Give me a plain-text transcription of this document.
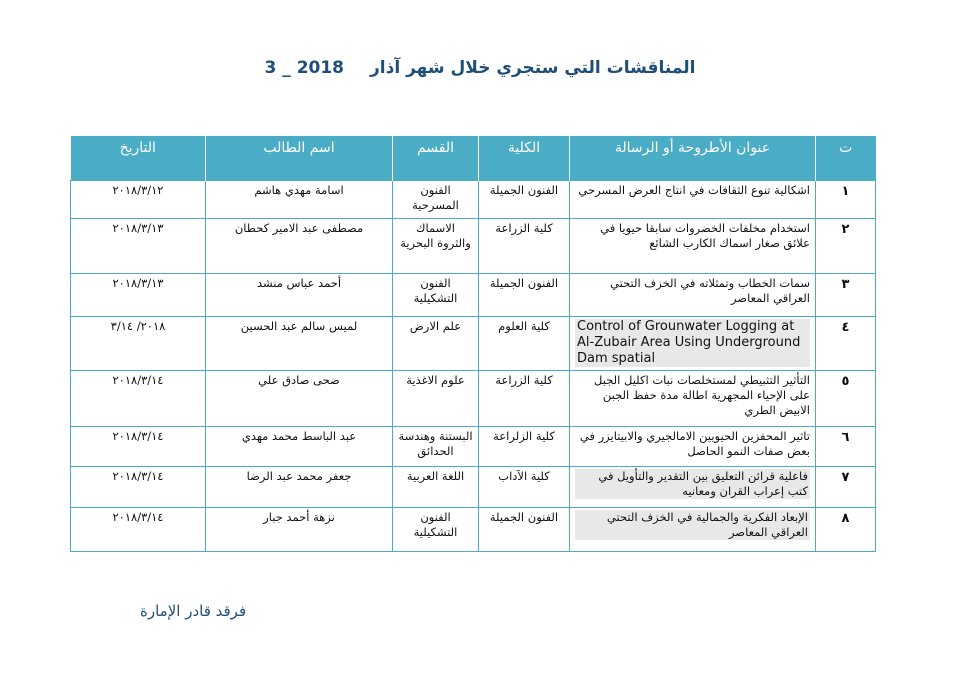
المناقشات التي ستجري خلال شهر آذار3 _ 2018
ت	عنوان الأطروحة أو الرسالة	الكلية	القسم	اسم الطالب	التاريخ
١	اشكالية تنوع الثقافات في انتاج العرض المسرحي	الفنون الجميلة	الفنون المسرحية	اسامة مهدي هاشم	٢٠١٨/٣/١٢
٢	استخدام مخلفات الخضروات سابقا حيويا في علائق صغار اسماك الكارب الشائع	كلية الزراعة	الاسماك والثروة البحرية	مصطفى عبد الامير كحطان	٢٠١٨/٣/١٣
٣	سمات الخطاب وتمثلاته في الخزف التحتي العراقي المعاصر	الفنون الجميلة	الفنون التشكيلية	أحمد عباس منشد	٢٠١٨/٣/١٣
٤	Control of Grounwater Logging at Al-Zubair Area Using Underground Dam spatial	كلية العلوم	علم الارض	لميس سالم عبد الحسين	٢٠١٨/ ٣/١٤
٥	التأثير التثبيطي لمستخلصات نبات اكليل الجبل على الإحياء المجهرية اطالة مدة حفظ الجبن الابيض الطري	كلية الزراعة	علوم الاغذية	ضحى صادق علي	٢٠١٨/٣/١٤
٦	تاثير المحفزين الحيويين الامالجيري والابيتايزر في بعض صفات النمو الحاصل	كلية الزلراعة	البستنة وهندسة الحدائق	عبد الباسط محمد مهدي	٢٠١٨/٣/١٤
٧	فاعلية قرائن التعليق بين التقدير والتأويل في كتب إعراب القران ومعانيه	كلية الآداب	اللغة العربية	جعفر محمد عبد الرضا	٢٠١٨/٣/١٤
٨	الإبعاد الفكرية والجمالية في الخزف التحتي العراقي المعاصر	الفنون الجميلة	الفنون التشكيلية	نزهة أحمد جبار	٢٠١٨/٣/١٤
فرقد قادر الإمارة
